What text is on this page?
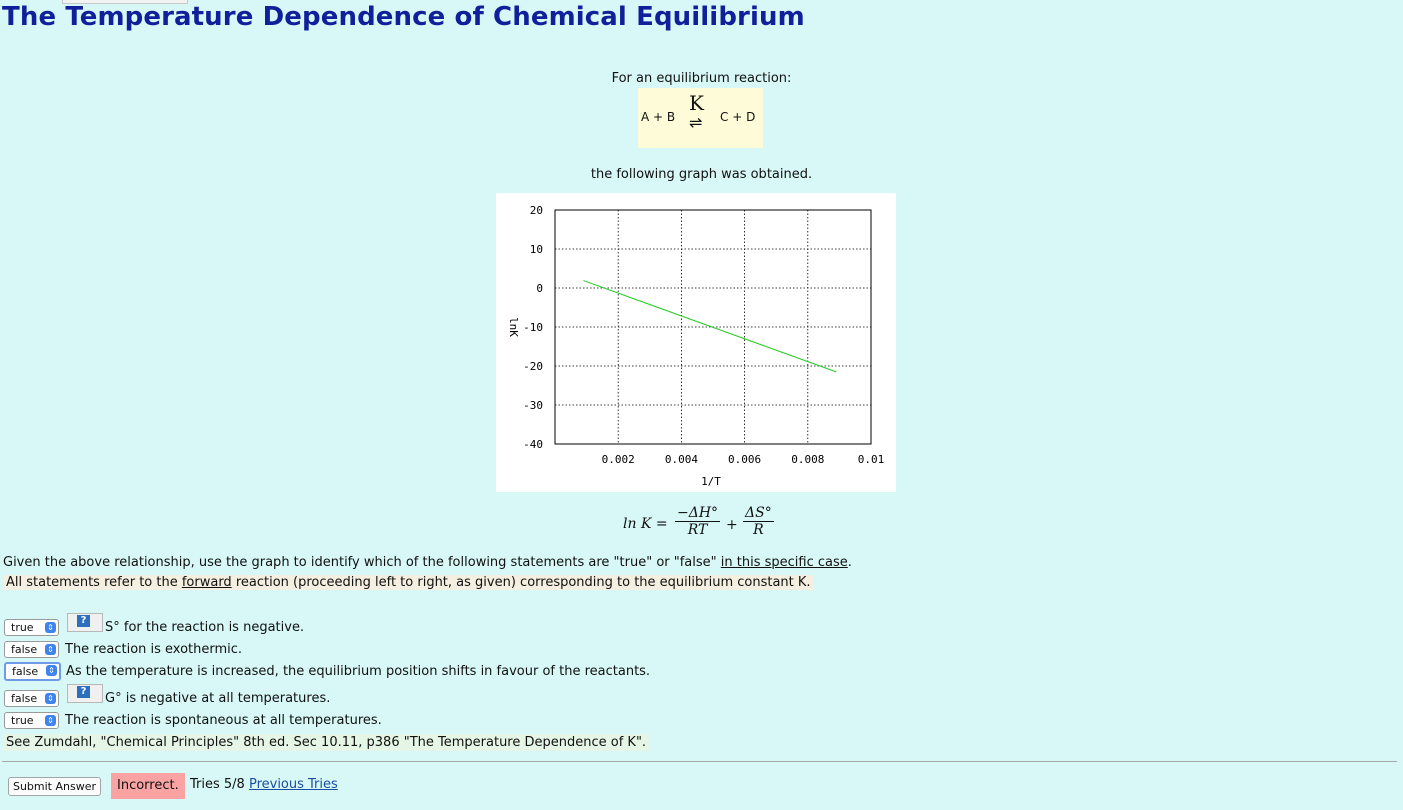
The Temperature Dependence of Chemical Equilibrium
For an equilibrium reaction:
A + B
K
⇌ C + D
the following graph was obtained.
0.002	0.004	0.006	0.008	0.01
20
10
0
-10
-20
-30
-40
1/T
lnK
$\ln K = \frac{-\Delta H^\circ}{RT} + \frac{\Delta S^\circ}{R}$
Given the above relationship, use the graph to identify which of the following statements are "true" or "false" in this specific case.
All statements refer to the forward reaction (proceeding left to right, as given) corresponding to the equilibrium constant K.
true ⇕
? S° for the reaction is negative.
false ⇕ The reaction is exothermic.
false ⇕ As the temperature is increased, the equilibrium position shifts in favour of the reactants.
false ⇕
? G° is negative at all temperatures.
true ⇕ The reaction is spontaneous at all temperatures.
See Zumdahl, "Chemical Principles" 8th ed. Sec 10.11, p386 "The Temperature Dependence of K".
Submit Answer	Incorrect. Tries 5/8 Previous Tries
